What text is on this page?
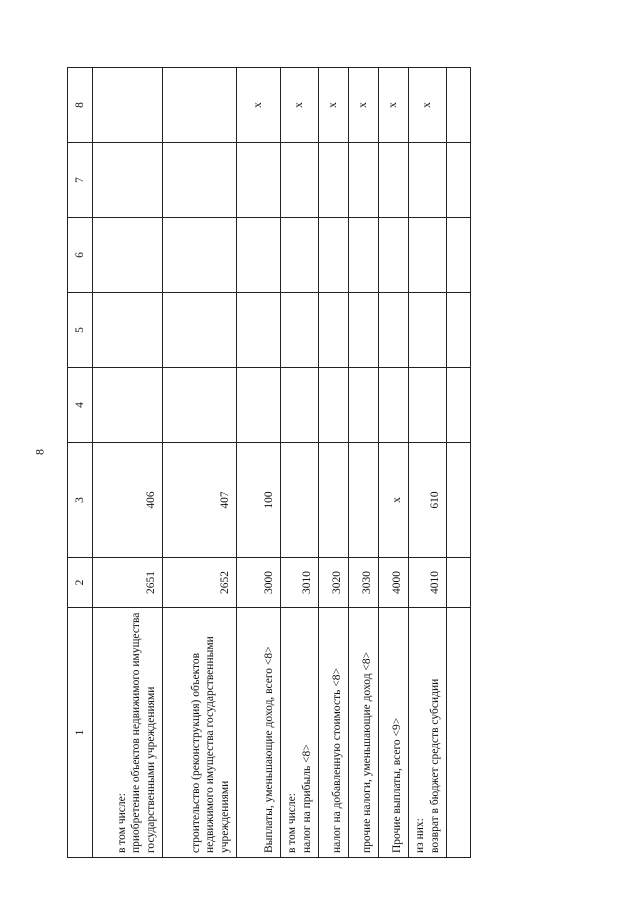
8
1	2	3	4	5	6	7	8
в том числе:
приобретение объектов недвижимого имущества государственными учреждениями	2651	406					
строительство (реконструкция) объектов недвижимого имущества государственными учреждениями	2652	407					
Выплаты, уменьшающие доход, всего <8>	3000	100					x
в том числе:
налог на прибыль <8>	3010						x
налог на добавленную стоимость <8>	3020						x
прочие налоги, уменьшающие доход <8>	3030						x
Прочие выплаты, всего <9>	4000	x					x
из них:
возврат в бюджет средств субсидии	4010	610					x
